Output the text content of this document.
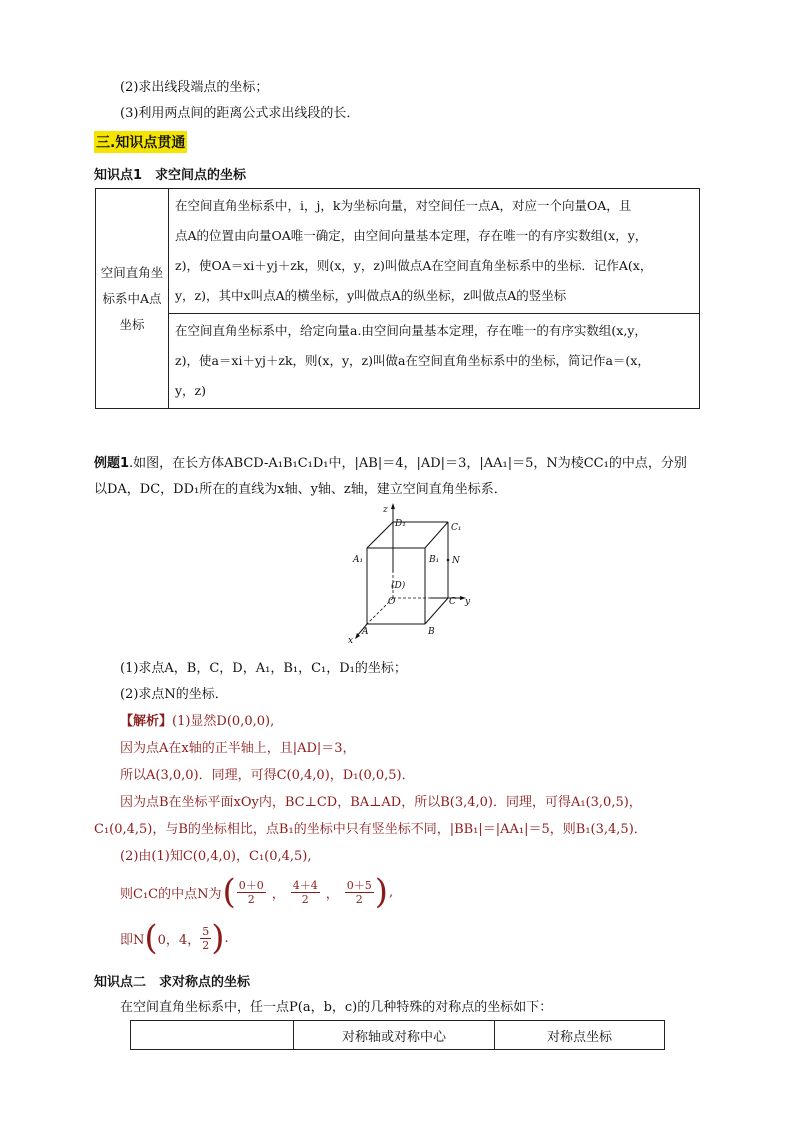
(2)求出线段端点的坐标；
(3)利用两点间的距离公式求出线段的长．
三.知识点贯通
知识点1　求空间点的坐标
空间直角坐标系中A点坐标	
在空间直角坐标系中，i，j，k为坐标向量，对空间任一点A，对应一个向量OA，且
点A的位置由向量OA唯一确定，由空间向量基本定理，存在唯一的有序实数组(x，y，
z)，使OA＝xi＋yj＋zk，则(x，y，z)叫做点A在空间直角坐标系中的坐标．记作A(x，
y，z)，其中x叫点A的横坐标，y叫做点A的纵坐标，z叫做点A的竖坐标

在空间直角坐标系中，给定向量a.由空间向量基本定理，存在唯一的有序实数组(x,y，
z)，使a＝xi＋yj＋zk，则(x，y，z)叫做a在空间直角坐标系中的坐标，简记作a＝(x，
y，z)
例题1.如图，在长方体ABCD-A₁B₁C₁D₁中，|AB|＝4，|AD|＝3，|AA₁|＝5，N为棱CC₁的中点，分别
以DA，DC，DD₁所在的直线为x轴、y轴、z轴，建立空间直角坐标系．
z
D₁	C₁
A₁	B₁ N
(D)
O	C y
A	B
x
(1)求点A，B，C，D，A₁，B₁，C₁，D₁的坐标；
(2)求点N的坐标．
【解析】(1)显然D(0,0,0),
因为点A在x轴的正半轴上，且|AD|＝3，
所以A(3,0,0)．同理，可得C(0,4,0)，D₁(0,0,5)．
因为点B在坐标平面xOy内，BC⊥CD，BA⊥AD，所以B(3,4,0)．同理，可得A₁(3,0,5)，
C₁(0,4,5)，与B的坐标相比，点B₁的坐标中只有竖坐标不同，|BB₁|＝|AA₁|＝5，则B₁(3,4,5)．
(2)由(1)知C(0,4,0)，C₁(0,4,5),
则C₁C的中点N为 ( 0＋0
2 ，
4＋4
2 ，
0＋5
2 ) ,
即N ( 0，4，
5
2 ) .
知识点二　求对称点的坐标
在空间直角坐标系中，任一点P(a，b，c)的几种特殊的对称点的坐标如下：
	对称轴或对称中心	对称点坐标
